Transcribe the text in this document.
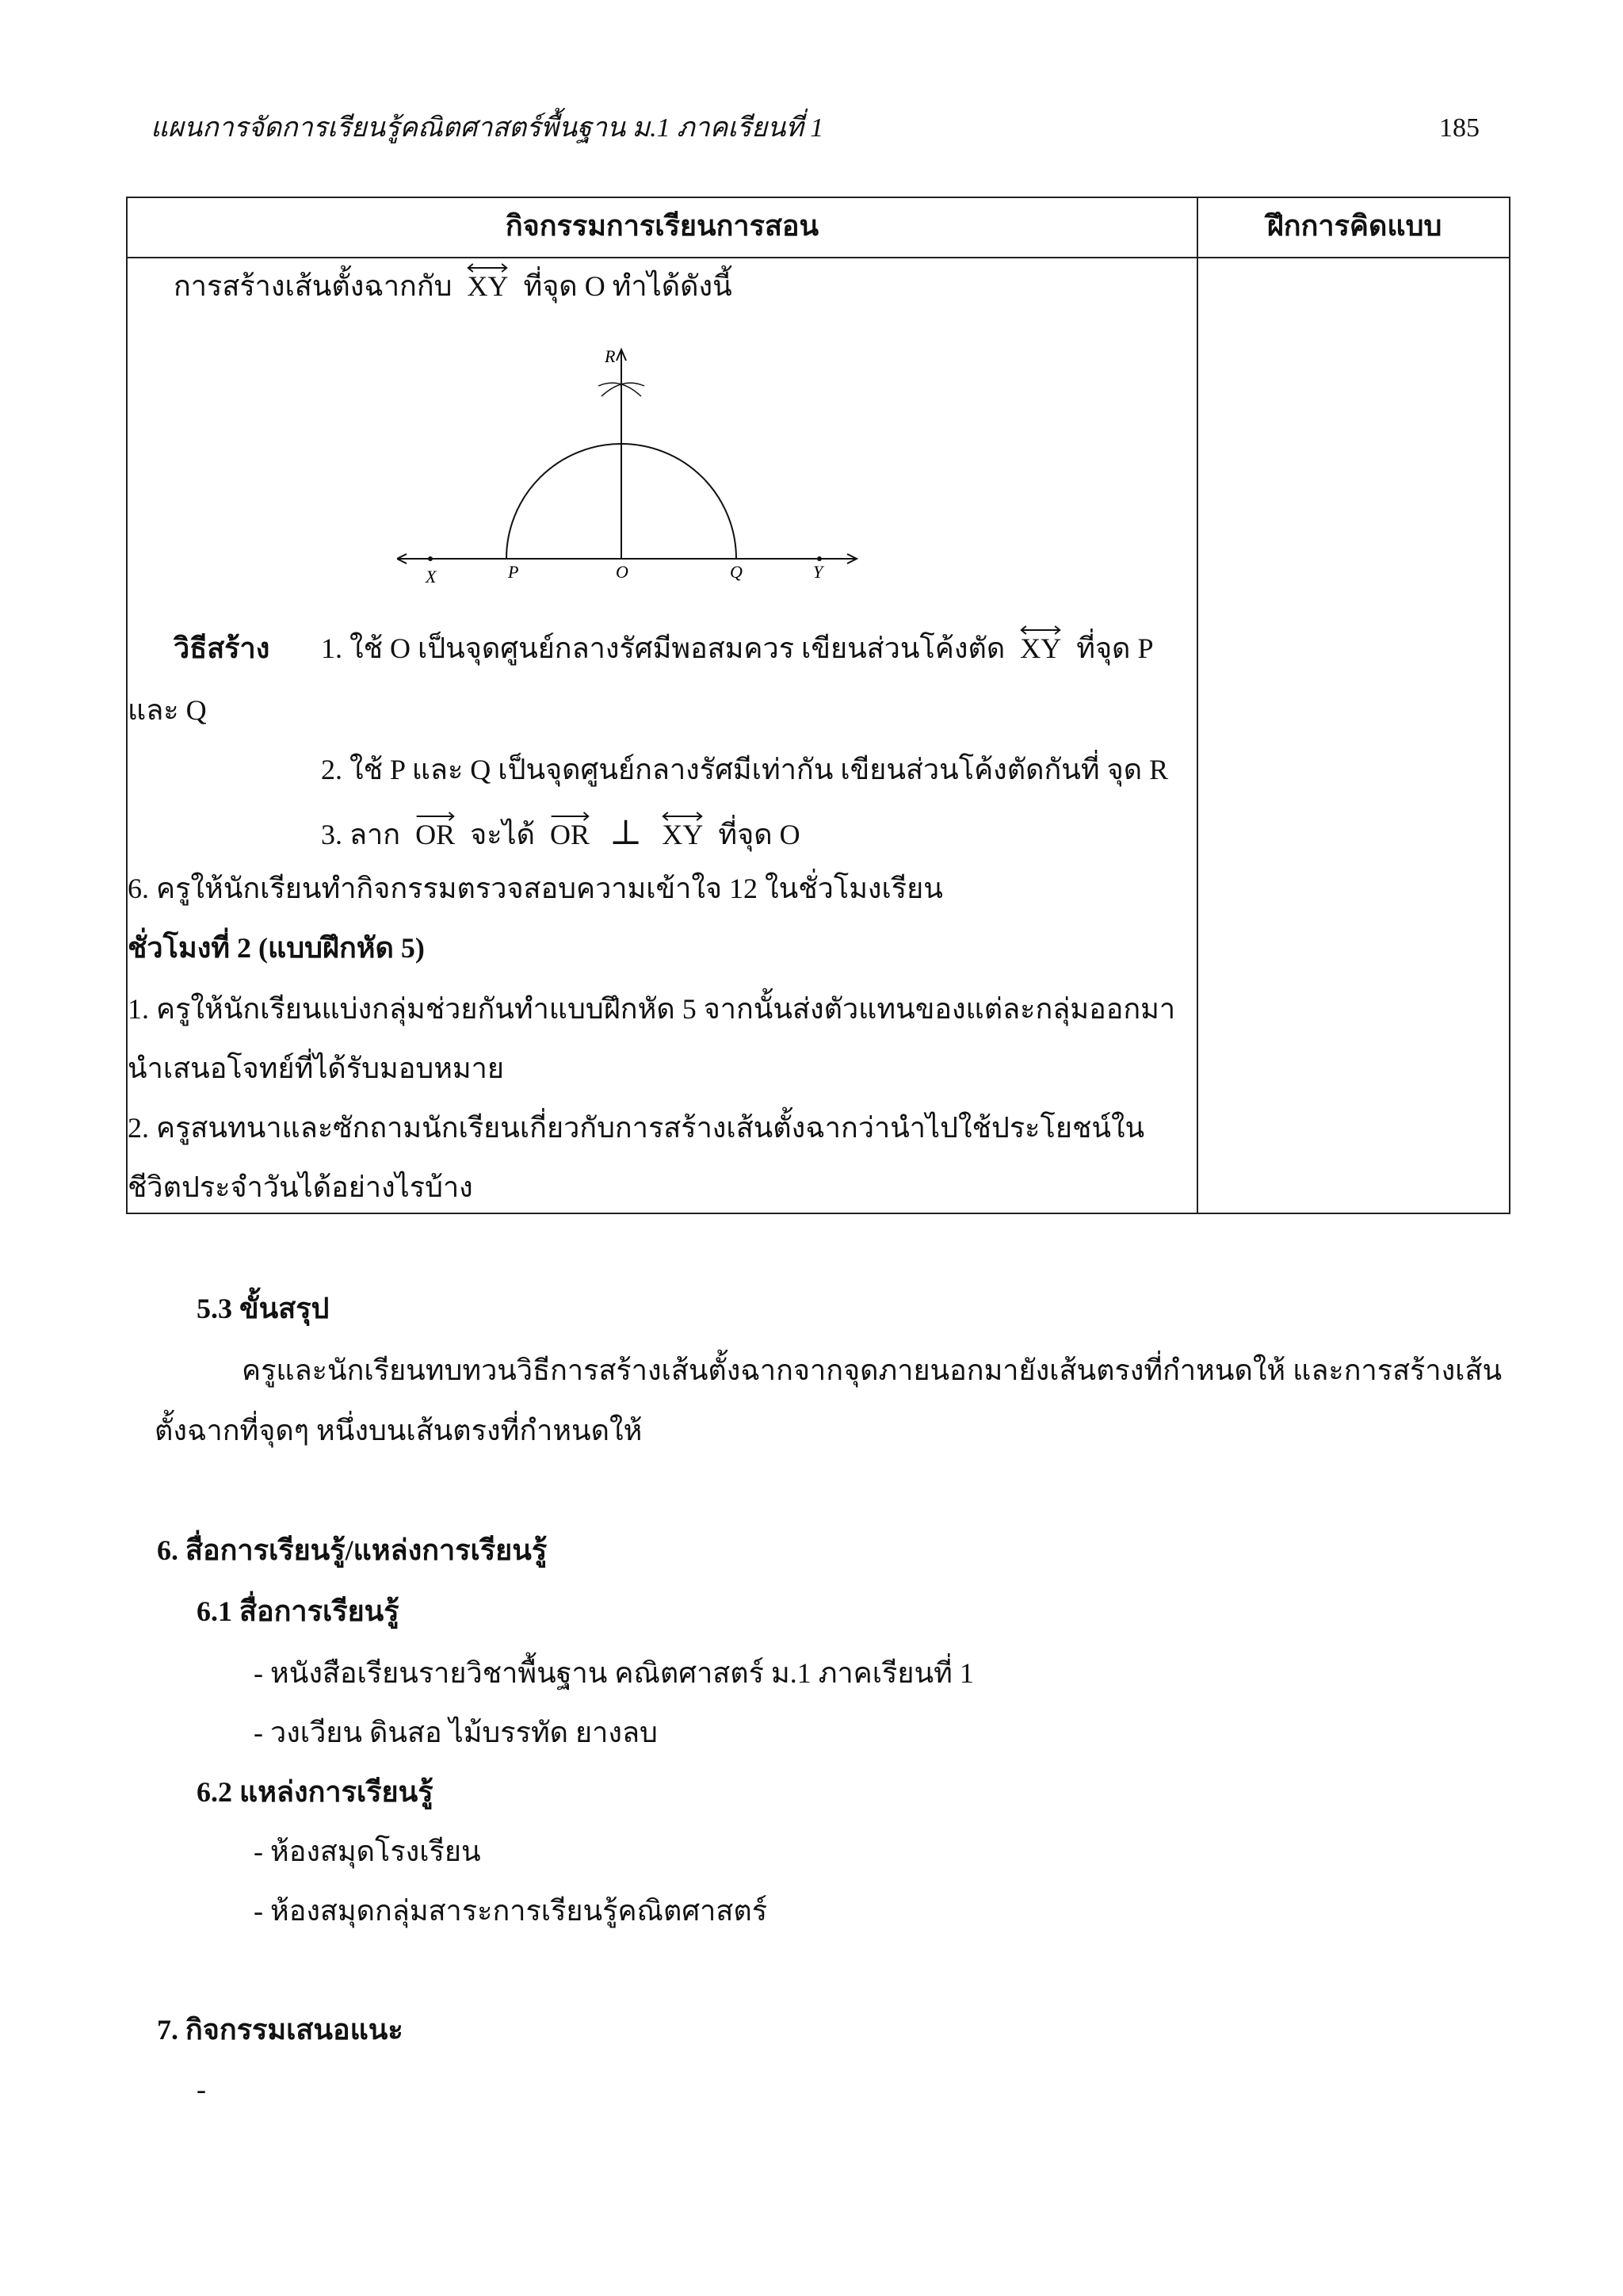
แผนการจัดการเรียนรู้คณิตศาสตร์พื้นฐาน ม.1 ภาคเรียนที่ 1	185
กิจกรรมการเรียนการสอน	ฝึกการคิดแบบ
การสร้างเส้นตั้งฉากกับ XY ที่จุด O ทำได้ดังนี้
R
X	P	O	Q	Y
วิธีสร้าง 1. ใช้ O เป็นจุดศูนย์กลางรัศมีพอสมควร เขียนส่วนโค้งตัด XY ที่จุด P
และ Q
2. ใช้ P และ Q เป็นจุดศูนย์กลางรัศมีเท่ากัน เขียนส่วนโค้งตัดกันที่ จุด R
3. ลาก OR จะได้ OR ⊥ XY ที่จุด O
6. ครูให้นักเรียนทำกิจกรรมตรวจสอบความเข้าใจ 12 ในชั่วโมงเรียน
ชั่วโมงที่ 2 (แบบฝึกหัด 5)
1. ครูให้นักเรียนแบ่งกลุ่มช่วยกันทำแบบฝึกหัด 5 จากนั้นส่งตัวแทนของแต่ละกลุ่มออกมา
นำเสนอโจทย์ที่ได้รับมอบหมาย
2. ครูสนทนาและซักถามนักเรียนเกี่ยวกับการสร้างเส้นตั้งฉากว่านำไปใช้ประโยชน์ใน
ชีวิตประจำวันได้อย่างไรบ้าง
5.3 ขั้นสรุป
ครูและนักเรียนทบทวนวิธีการสร้างเส้นตั้งฉากจากจุดภายนอกมายังเส้นตรงที่กำหนดให้ และการสร้างเส้น
ตั้งฉากที่จุดๆ หนึ่งบนเส้นตรงที่กำหนดให้
6. สื่อการเรียนรู้/แหล่งการเรียนรู้
6.1 สื่อการเรียนรู้
- หนังสือเรียนรายวิชาพื้นฐาน คณิตศาสตร์ ม.1 ภาคเรียนที่ 1
- วงเวียน ดินสอ ไม้บรรทัด ยางลบ
6.2 แหล่งการเรียนรู้
- ห้องสมุดโรงเรียน
- ห้องสมุดกลุ่มสาระการเรียนรู้คณิตศาสตร์
7. กิจกรรมเสนอแนะ
-
